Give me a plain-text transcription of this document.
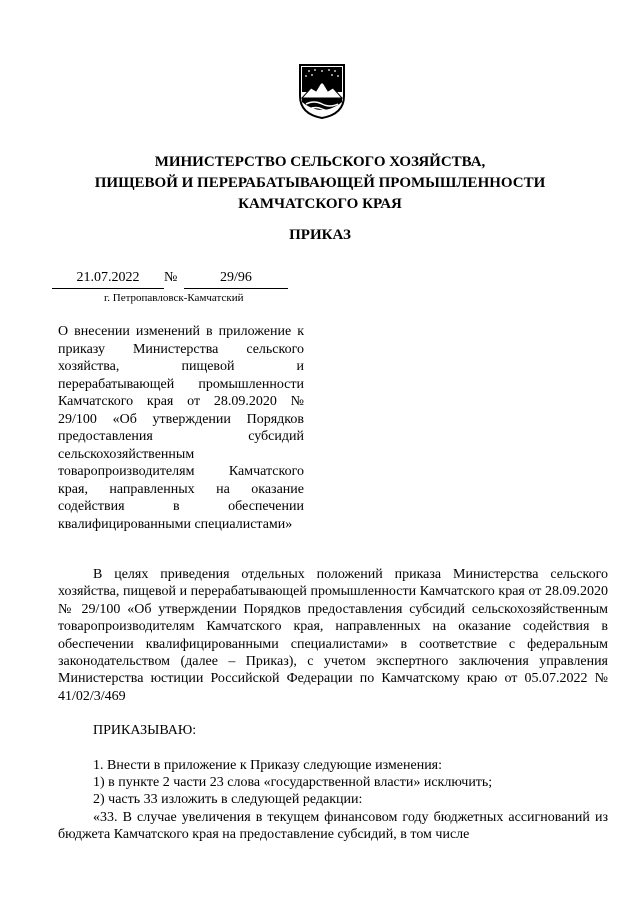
МИНИСТЕРСТВО СЕЛЬСКОГО ХОЗЯЙСТВА,
ПИЩЕВОЙ И ПЕРЕРАБАТЫВАЮЩЕЙ ПРОМЫШЛЕННОСТИ
КАМЧАТСКОГО КРАЯ
ПРИКАЗ
21.07.2022	№	29/96
г. Петропавловск-Камчатский
О внесении изменений в приложение к приказу Министерства сельского хозяйства, пищевой и перерабатывающей промышленности Камчатского края от 28.09.2020 № 29/100 «Об утверждении Порядков предоставления субсидий сельскохозяйственным товаропроизводителям Камчатского края, направленных на оказание содействия в обеспечении квалифицированными специалистами»
В целях приведения отдельных положений приказа Министерства сельского хозяйства, пищевой и перерабатывающей промышленности Камчатского края от 28.09.2020 № 29/100 «Об утверждении Порядков предоставления субсидий сельскохозяйственным товаропроизводителям Камчатского края, направленных на оказание содействия в обеспечении квалифицированными специалистами» в соответствие с федеральным законодательством (далее – Приказ), с учетом экспертного заключения управления Министерства юстиции Российской Федерации по Камчатскому краю от 05.07.2022 № 41/02/3/469
ПРИКАЗЫВАЮ:
1. Внести в приложение к Приказу следующие изменения:
1) в пункте 2 части 23 слова «государственной власти» исключить;
2) часть 33 изложить в следующей редакции:
«33. В случае увеличения в текущем финансовом году бюджетных ассигнований из бюджета Камчатского края на предоставление субсидий, в том числе
